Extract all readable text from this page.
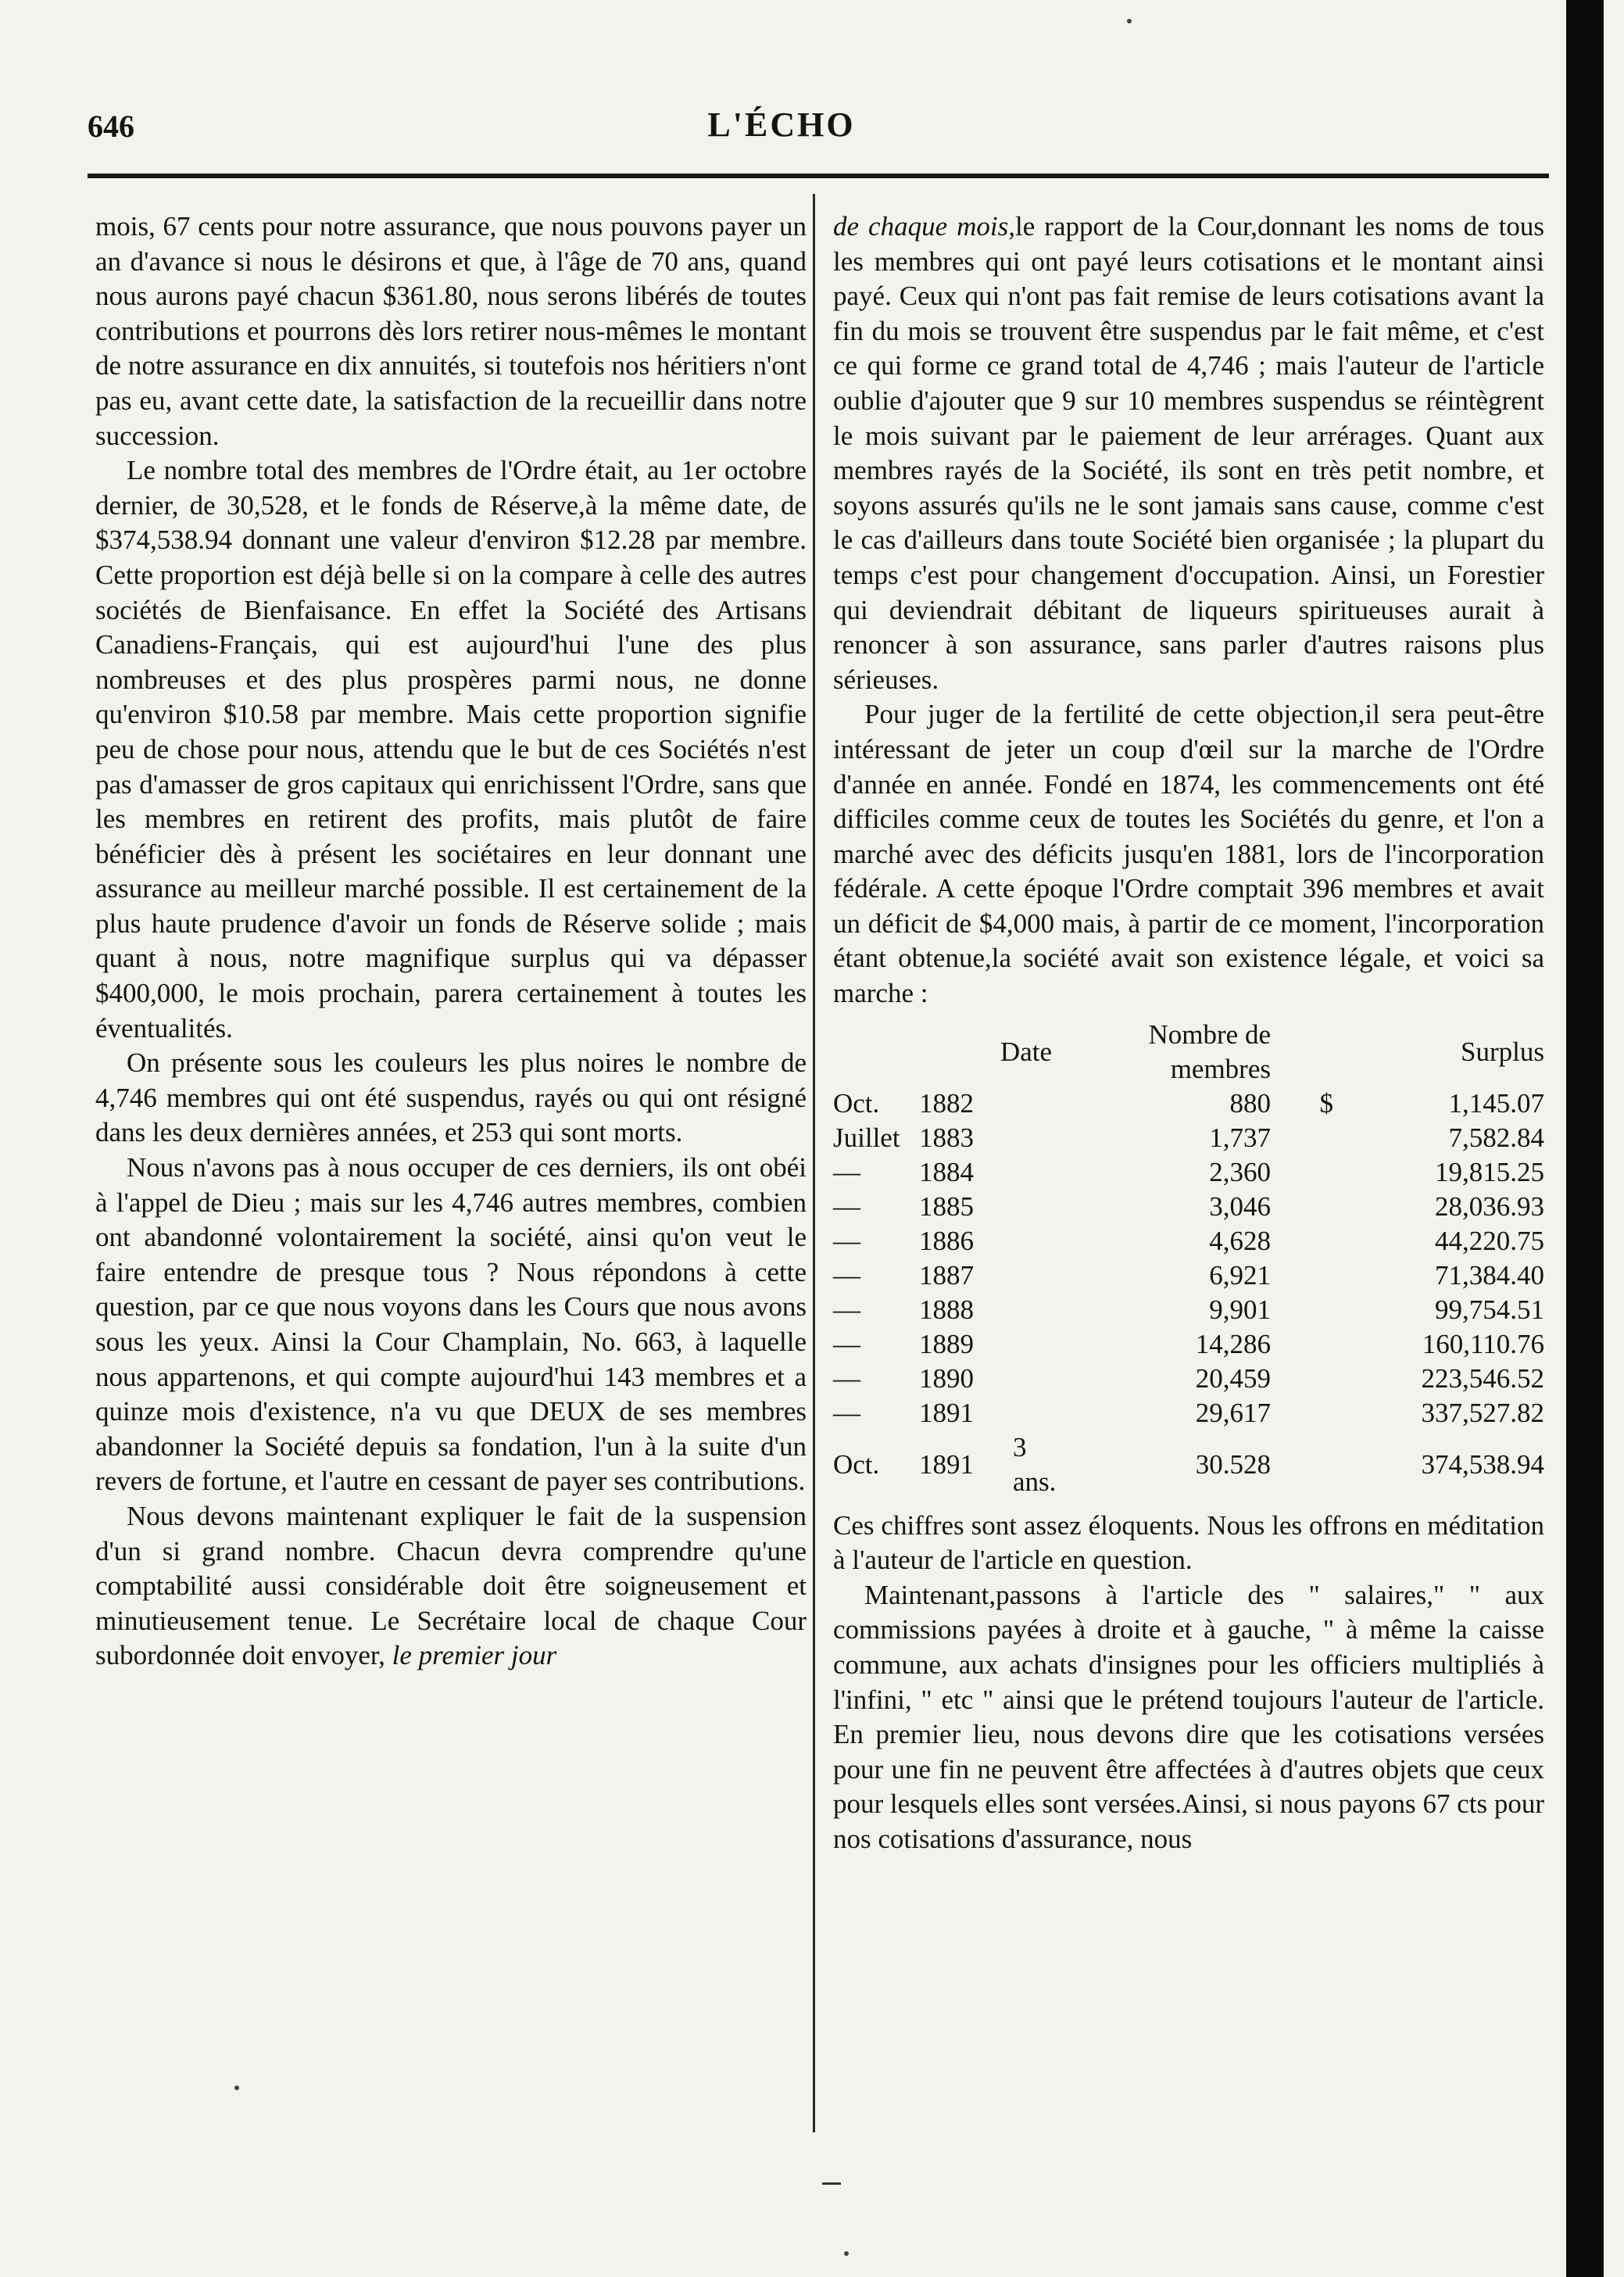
646	L'ÉCHO

mois, 67 cents pour notre assurance, que nous pouvons payer un an d'avance si nous le désirons et que, à l'âge de 70 ans, quand nous aurons payé chacun $361.80, nous serons libérés de toutes contributions et pourrons dès lors retirer nous-mêmes le montant de notre assurance en dix annuités, si toutefois nos héritiers n'ont pas eu, avant cette date, la satisfaction de la recueillir dans notre succession.

Le nombre total des membres de l'Ordre était, au 1er octobre dernier, de 30,528, et le fonds de Réserve,à la même date, de $374,538.94 donnant une valeur d'environ $12.28 par membre. Cette proportion est déjà belle si on la compare à celle des autres sociétés de Bienfaisance. En effet la Société des Artisans Canadiens-Français, qui est aujourd'hui l'une des plus nombreuses et des plus prospères parmi nous, ne donne qu'environ $10.58 par membre. Mais cette proportion signifie peu de chose pour nous, attendu que le but de ces Sociétés n'est pas d'amasser de gros capitaux qui enrichissent l'Ordre, sans que les membres en retirent des profits, mais plutôt de faire bénéficier dès à présent les sociétaires en leur donnant une assurance au meilleur marché possible. Il est certainement de la plus haute prudence d'avoir un fonds de Réserve solide ; mais quant à nous, notre magnifique surplus qui va dépasser $400,000, le mois prochain, parera certainement à toutes les éventualités.

On présente sous les couleurs les plus noires le nombre de 4,746 membres qui ont été suspendus, rayés ou qui ont résigné dans les deux dernières années, et 253 qui sont morts.

Nous n'avons pas à nous occuper de ces derniers, ils ont obéi à l'appel de Dieu ; mais sur les 4,746 autres membres, combien ont abandonné volontairement la société, ainsi qu'on veut le faire entendre de presque tous ? Nous répondons à cette question, par ce que nous voyons dans les Cours que nous avons sous les yeux. Ainsi la Cour Champlain, No. 663, à laquelle nous appartenons, et qui compte aujourd'hui 143 membres et a quinze mois d'existence, n'a vu que DEUX de ses membres abandonner la Société depuis sa fondation, l'un à la suite d'un revers de fortune, et l'autre en cessant de payer ses contributions.

Nous devons maintenant expliquer le fait de la suspension d'un si grand nombre. Chacun devra comprendre qu'une comptabilité aussi considérable doit être soigneusement et minutieusement tenue. Le Secrétaire local de chaque Cour subordonnée doit envoyer, le premier jour

de chaque mois,le rapport de la Cour,donnant les noms de tous les membres qui ont payé leurs cotisations et le montant ainsi payé. Ceux qui n'ont pas fait remise de leurs cotisations avant la fin du mois se trouvent être suspendus par le fait même, et c'est ce qui forme ce grand total de 4,746 ; mais l'auteur de l'article oublie d'ajouter que 9 sur 10 membres suspendus se réintègrent le mois suivant par le paiement de leur arrérages. Quant aux membres rayés de la Société, ils sont en très petit nombre, et soyons assurés qu'ils ne le sont jamais sans cause, comme c'est le cas d'ailleurs dans toute Société bien organisée ; la plupart du temps c'est pour changement d'occupation. Ainsi, un Forestier qui deviendrait débitant de liqueurs spiritueuses aurait à renoncer à son assurance, sans parler d'autres raisons plus sérieuses.

Pour juger de la fertilité de cette objection,il sera peut-être intéressant de jeter un coup d'œil sur la marche de l'Ordre d'année en année. Fondé en 1874, les commencements ont été difficiles comme ceux de toutes les Sociétés du genre, et l'on a marché avec des déficits jusqu'en 1881, lors de l'incorporation fédérale. A cette époque l'Ordre comptait 396 membres et avait un déficit de $4,000 mais, à partir de ce moment, l'incorporation étant obtenue,la société avait son existence légale, et voici sa marche :

Date			Nombre de membres	Surplus	
Oct.	1882		880	$	1,145.07
Juillet	1883		1,737		7,582.84
—	1884		2,360		19,815.25
—	1885		3,046		28,036.93
—	1886		4,628		44,220.75
—	1887		6,921		71,384.40
—	1888		9,901		99,754.51
—	1889		14,286		160,110.76
—	1890		20,459		223,546.52
—	1891		29,617		337,527.82
Oct.	1891	3 ans.	30.528		374,538.94

Ces chiffres sont assez éloquents. Nous les offrons en méditation à l'auteur de l'article en question.

Maintenant,passons à l'article des " salaires," " aux commissions payées à droite et à gauche, " à même la caisse commune, aux achats d'insignes pour les officiers multipliés à l'infini, " etc " ainsi que le prétend toujours l'auteur de l'article. En premier lieu, nous devons dire que les cotisations versées pour une fin ne peuvent être affectées à d'autres objets que ceux pour lesquels elles sont versées.Ainsi, si nous payons 67 cts pour nos cotisations d'assurance, nous
